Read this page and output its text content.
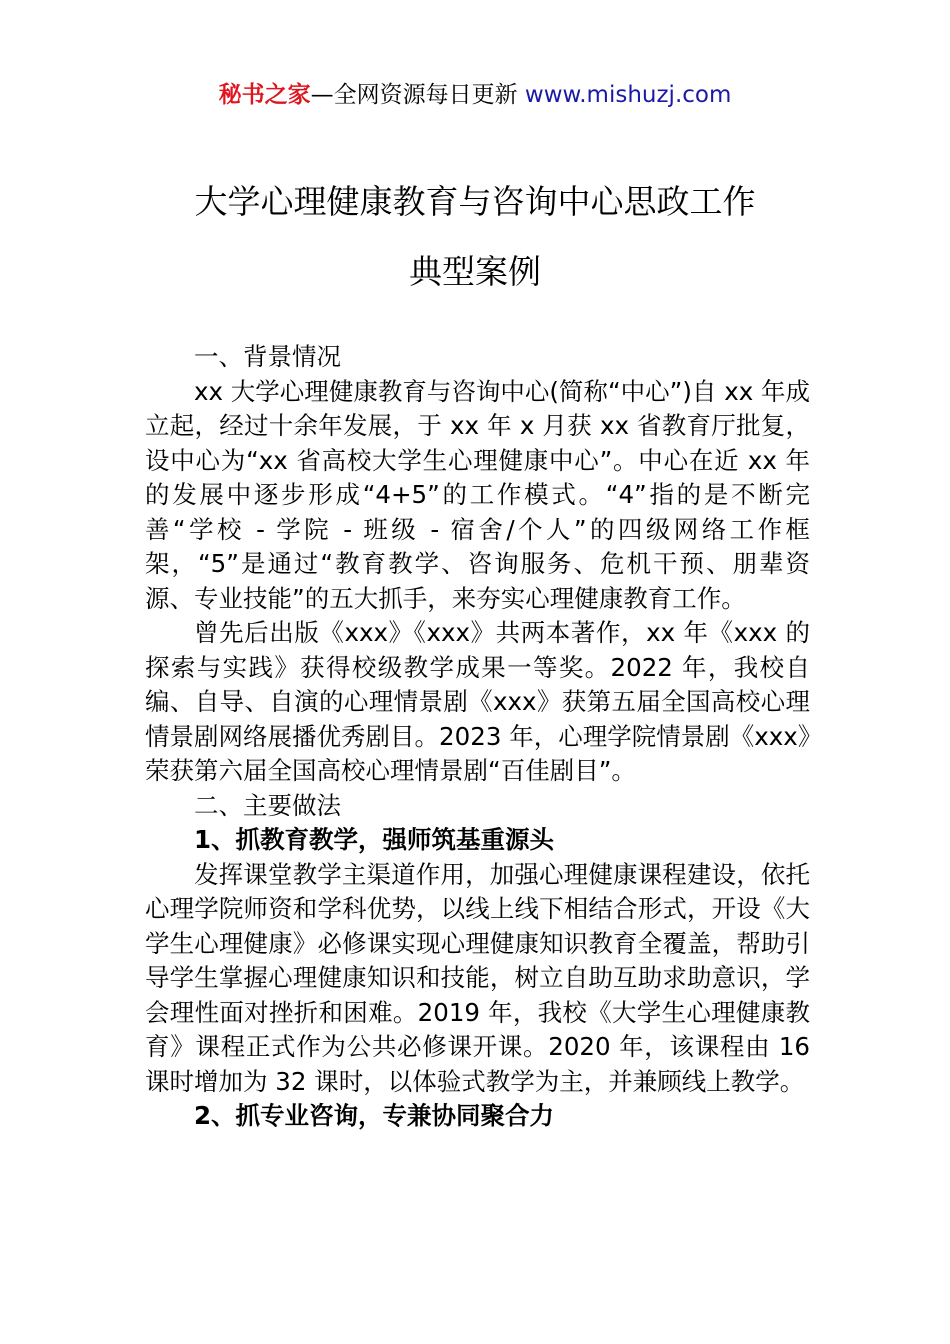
秘书之家—全网资源每日更新 www.mishuzj.com
大学心理健康教育与咨询中心思政工作
典型案例

一、背景情况

xx 大学心理健康教育与咨询中心(简称“中心”)自 xx 年成立起，经过十余年发展，于 xx 年 x 月获 xx 省教育厅批复，设中心为“xx 省高校大学生心理健康中心”。中心在近 xx 年的发展中逐步形成“4+5”的工作模式。“4”指的是不断完善“学校 - 学院 - 班级 - 宿舍/个人”的四级网络工作框架，“5”是通过“教育教学、咨询服务、危机干预、朋辈资源、专业技能”的五大抓手，来夯实心理健康教育工作。

曾先后出版《xxx》《xxx》共两本著作，xx 年《xxx 的探索与实践》获得校级教学成果一等奖。2022 年，我校自编、自导、自演的心理情景剧《xxx》获第五届全国高校心理情景剧网络展播优秀剧目。2023 年，心理学院情景剧《xxx》荣获第六届全国高校心理情景剧“百佳剧目”。

二、主要做法

1、抓教育教学，强师筑基重源头

发挥课堂教学主渠道作用，加强心理健康课程建设，依托心理学院师资和学科优势，以线上线下相结合形式，开设《大学生心理健康》必修课实现心理健康知识教育全覆盖，帮助引导学生掌握心理健康知识和技能，树立自助互助求助意识，学会理性面对挫折和困难。2019 年，我校《大学生心理健康教育》课程正式作为公共必修课开课。2020 年，该课程由 16 课时增加为 32 课时，以体验式教学为主，并兼顾线上教学。

2、抓专业咨询，专兼协同聚合力
